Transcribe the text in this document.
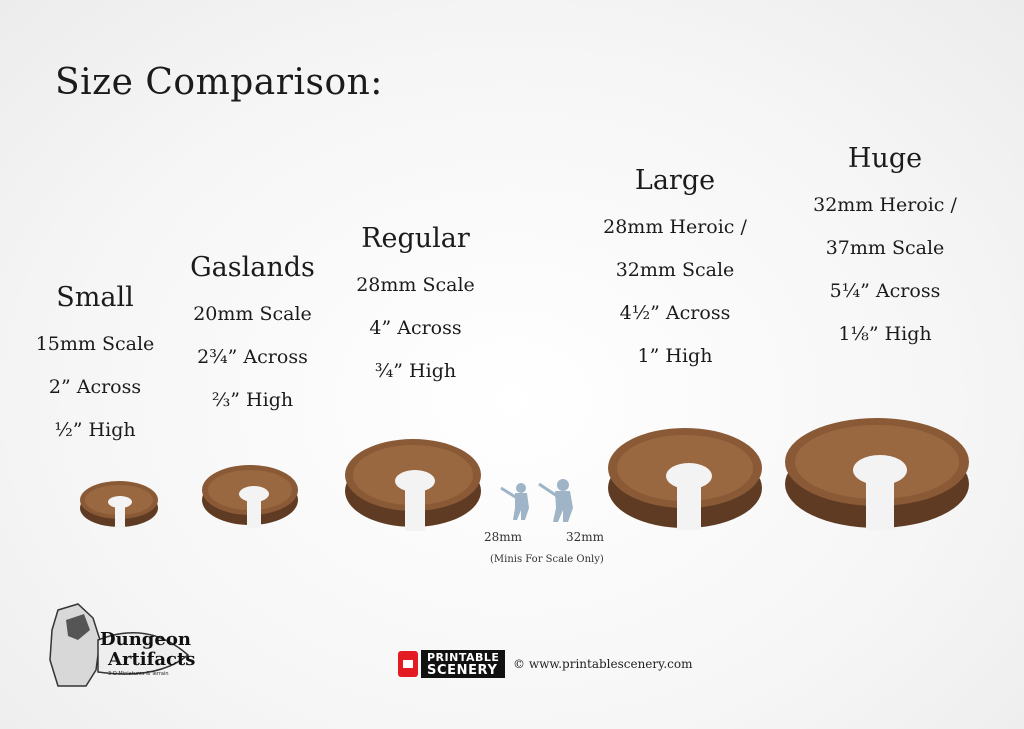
Size Comparison:
Small
15mm Scale
2” Across
½” High
Gaslands
20mm Scale
2¾” Across
⅔” High
Regular
28mm Scale
4” Across
¾” High
Large
28mm Heroic /
32mm Scale
4½” Across
1” High
Huge
32mm Heroic /
37mm Scale
5¼” Across
1⅛” High
28mm	32mm
(Minis For Scale Only)
Dungeon
Artifacts
3-D Miniatures & Terrain
PRINTABLE
SCENERY © www.printablescenery.com
